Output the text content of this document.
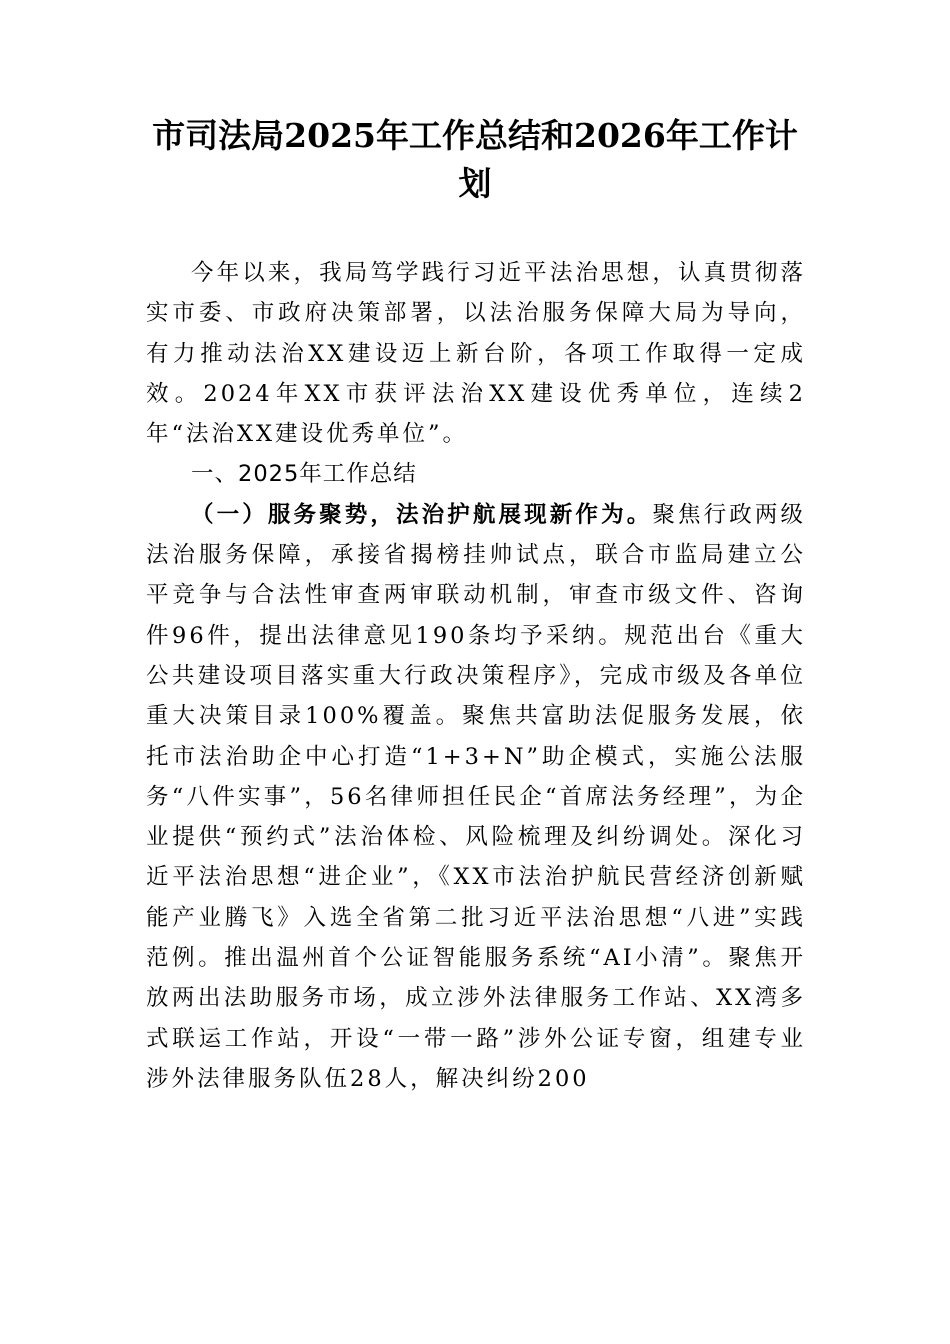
市司法局2025年工作总结和2026年工作计划

今年以来，我局笃学践行习近平法治思想，认真贯彻落实市委、市政府决策部署，以法治服务保障大局为导向，有力推动法治XX建设迈上新台阶，各项工作取得一定成效。2024年XX市获评法治XX建设优秀单位，连续2年“法治XX建设优秀单位”。

一、2025年工作总结

（一）服务聚势，法治护航展现新作为。聚焦行政两级法治服务保障，承接省揭榜挂帅试点，联合市监局建立公平竞争与合法性审查两审联动机制，审查市级文件、咨询件96件，提出法律意见190条均予采纳。规范出台《重大公共建设项目落实重大行政决策程序》，完成市级及各单位重大决策目录100%覆盖。聚焦共富助法促服务发展，依托市法治助企中心打造“1+3+N”助企模式，实施公法服务“八件实事”，56名律师担任民企“首席法务经理”，为企业提供“预约式”法治体检、风险梳理及纠纷调处。深化习近平法治思想“进企业”，《XX市法治护航民营经济创新赋能产业腾飞》入选全省第二批习近平法治思想“八进”实践范例。推出温州首个公证智能服务系统“AI小清”。聚焦开放两出法助服务市场，成立涉外法律服务工作站、XX湾多式联运工作站，开设“一带一路”涉外公证专窗，组建专业涉外法律服务队伍28人，解决纠纷200
